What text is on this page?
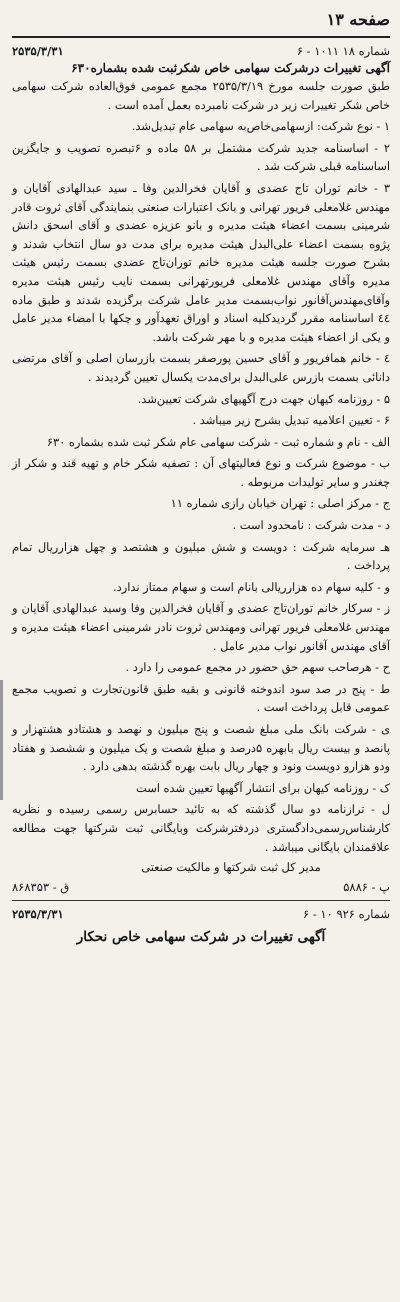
صفحه ۱۳
شماره ۱۸ ۱۰۱۱ - ۶
۲۵۳۵/۳/۳۱
آگهی تغییرات درشرکت سهامی خاص شکرثبت شده بشماره۶۳۰

طبق صورت جلسه مورخ ۲۵۳۵/۳/۱۹ مجمع عمومی فوق‌العاده شرکت سهامی خاص شکر تغییرات زیر در شرکت نامبرده بعمل آمده است .

۱ - نوع شرکت: ازسهامی‌خاص‌به سهامی عام تبدیل‌شد.

۲ - اساسنامه جدید شرکت مشتمل بر ۵۸ ماده و ۶تبصره تصویب و جایگزین اساسنامه قبلی شرکت شد .

۳ - خانم توران تاج عضدی و آقایان فخرالدین وفا ـ سید عبدالهادی آقایان و مهندس غلامعلی فریور تهرانی و بانک اعتبارات صنعتی بنمایندگی آقای ثروت قادر شرمینی بسمت اعضاء هیئت مدیره و بانو عزیزه عضدی و آقای اسحق دانش پژوه بسمت اعضاء علی‌البدل هیئت مدیره برای مدت دو سال انتخاب شدند و بشرح صورت جلسه هیئت مدیره خانم توران‌تاج عضدی بسمت رئیس هیئت مدیره وآقای مهندس غلامعلی فریورتهرانی بسمت نایب رئیس هیئت مدیره وآقای‌مهندس‌آقانور نواب‌بسمت مدیر عامل شرکت برگزیده شدند و طبق ماده ٤٤ اساسنامه مقرر گردید‌کلیه اسناد و اوراق تعهدآور و چکها با امضاء مدیر عامل و یکی از اعضاء هیئت مدیره و با مهر شرکت باشد.

٤ - خانم همافریور و آقای حسین پورصفر بسمت بازرسان اصلی و آقای مرتضی دانائی بسمت بازرس علی‌البدل برای‌مدت یکسال تعیین گردیدند .

۵ - روزنامه کیهان جهت درج آگهیهای شرکت تعیین‌شد.

۶ - تعیین اعلامیه تبدیل بشرح زیر میباشد .

الف - نام و شماره ثبت - شرکت سهامی عام شکر ثبت شده بشماره ۶۳۰

ب - موضوع شرکت و نوع فعالیتهای آن : تصفیه شکر خام و تهیه قند و شکر از چغندر و سایر تولیدات مربوطه .

ج - مرکز اصلی : تهران خیابان رازی شماره ۱۱

د - مدت شرکت : نامحدود است .

هـ سرمایه شرکت : دویست و شش میلیون و هشتصد و چهل هزارریال تمام پرداخت .

و - کلیه سهام ده هزارریالی بانام است و سهام ممتاز ندارد.

ز - سرکار خانم توران‌تاج عضدی و آقایان فخرالدین وفا وسید عبدالهادی آقایان و مهندس غلامعلی فریور تهرانی ومهندس ثروت نادر شرمینی اعضاء هیئت مدیره و آقای مهندس آقانور نواب مدیر عامل .

ح - هرصاحب سهم حق حضور در مجمع عمومی را دارد .

ط - پنج در صد سود اندوخته قانونی و بقیه طبق قانون‌تجارت و تصویب مجمع عمومی قابل پرداخت است .

ی - شرکت بانک ملی مبلغ شصت و پنج میلیون و نهصد و هشتادو هشتهزار و پانصد و بیست ریال بابهره ۵درصد و مبلغ شصت و یک میلیون و ششصد و هفتاد ودو هزارو دویست ونود و چهار ریال بابت بهره گذشته بدهی دارد .

ک - روزنامه کیهان برای انتشار آگهیها تعیین شده است

ل - ترازنامه دو سال گذشته که به تائید حسابرس رسمی رسیده و نظریه کارشناس‌رسمی‌دادگستری دردفترشرکت وبایگانی ثبت شرکتها جهت مطالعه علاقمندان بایگانی میباشد .

مدیر کل ثبت شرکتها و مالکیت صنعتی
پ - ۵۸۸۶
ق - ۸۶۸۳۵۳
شماره ۹۲۶ ۱۰ - ۶
۲۵۳۵/۳/۳۱
آگهی تغییرات در شرکت سهامی خاص نحکار
